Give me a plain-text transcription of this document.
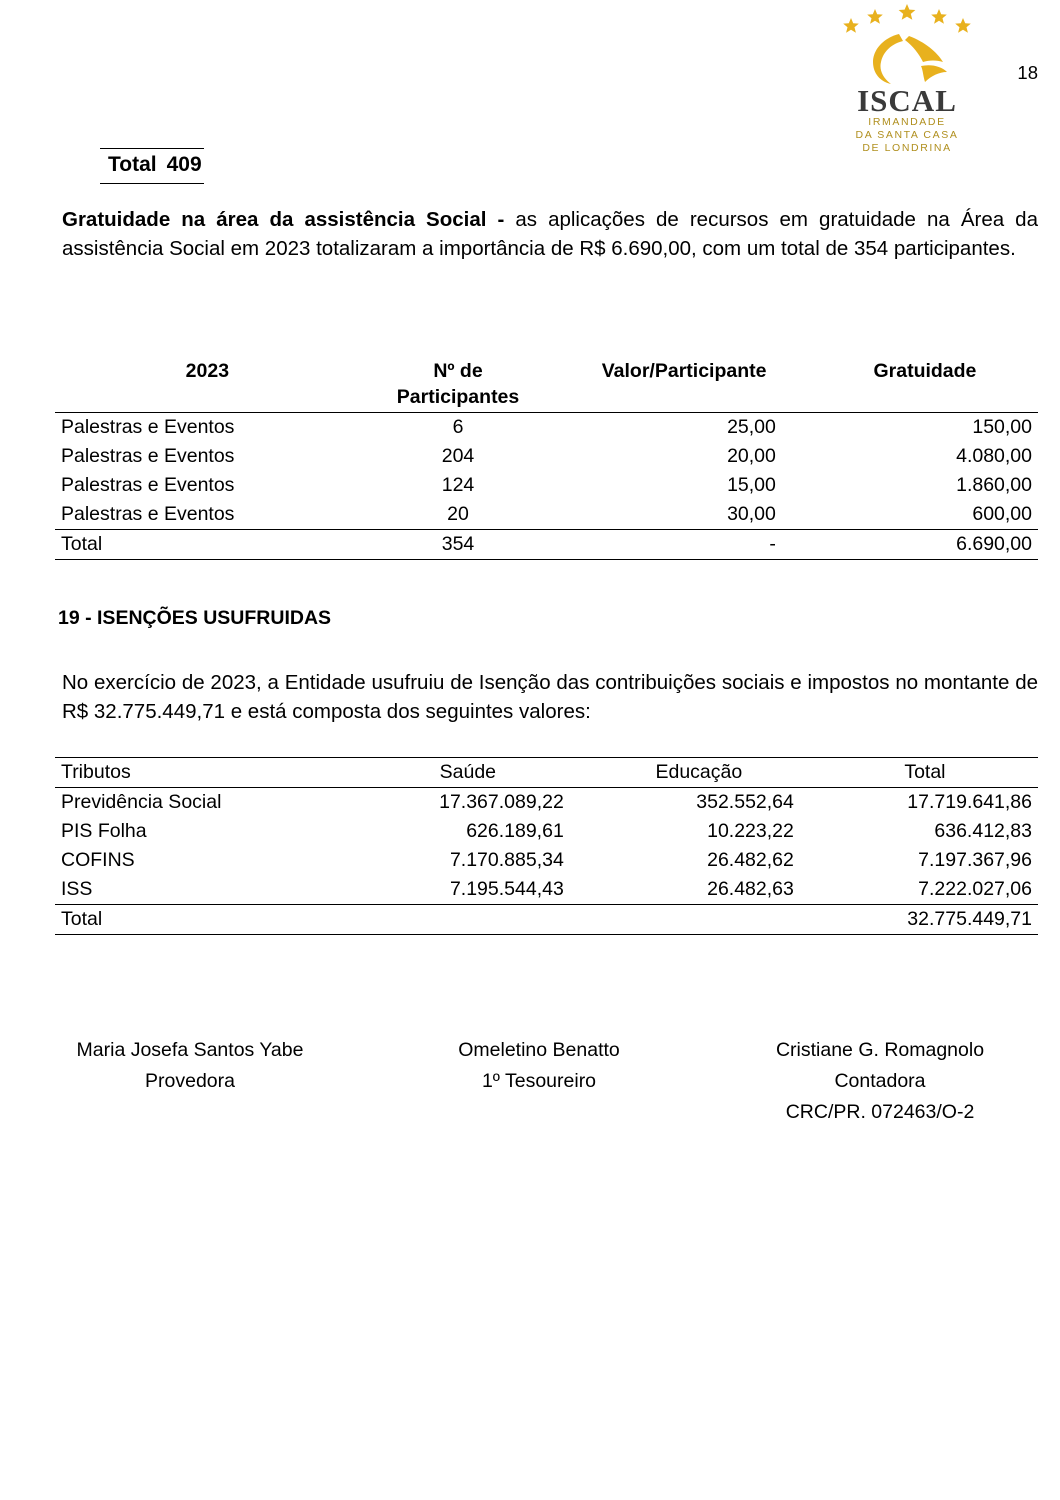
ISCAL
IRMANDADE
DA SANTA CASA
DE LONDRINA
18
Total	409
Gratuidade na área da assistência Social - as aplicações de recursos em gratuidade na Área da assistência Social em 2023 totalizaram a importância de R$ 6.690,00, com um total de 354 participantes.
2023	Nº de	Valor/Participante	Gratuidade
	Participantes		
Palestras e Eventos	6	25,00	150,00
Palestras e Eventos	204	20,00	4.080,00
Palestras e Eventos	124	15,00	1.860,00
Palestras e Eventos	20	30,00	600,00
Total	354	-	6.690,00
19 - ISENÇÕES USUFRUIDAS
No exercício de 2023, a Entidade usufruiu de Isenção das contribuições sociais e impostos no montante de R$ 32.775.449,71 e está composta dos seguintes valores:
Tributos	Saúde	Educação	Total
Previdência Social	17.367.089,22	352.552,64	17.719.641,86
PIS Folha	626.189,61	10.223,22	636.412,83
COFINS	7.170.885,34	26.482,62	7.197.367,96
ISS	7.195.544,43	26.482,63	7.222.027,06
Total			32.775.449,71
Maria Josefa Santos Yabe
Provedora
Omeletino Benatto
1º Tesoureiro
Cristiane G. Romagnolo
Contadora
CRC/PR. 072463/O-2
